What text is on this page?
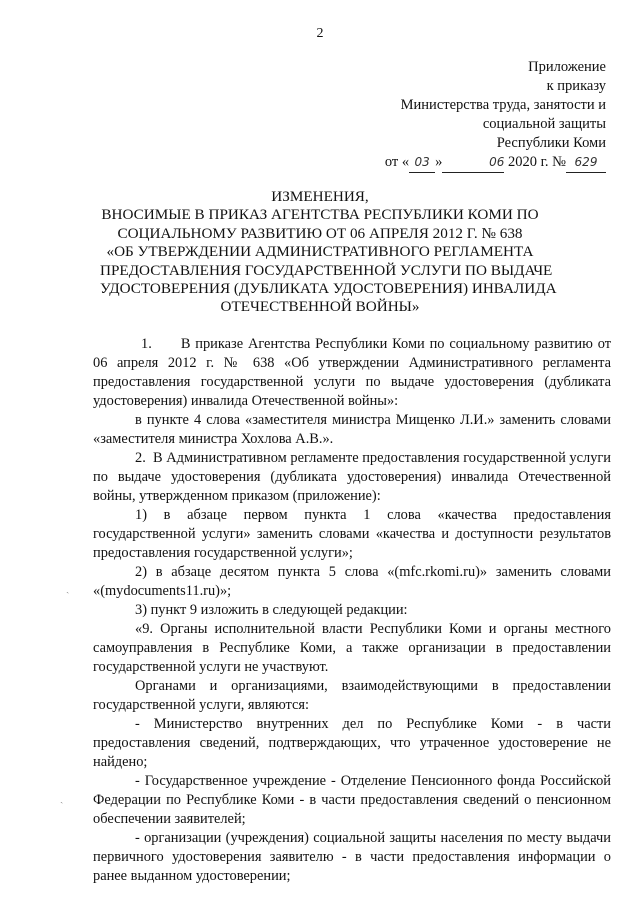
2
Приложение
к приказу
Министерства труда, занятости и
социальной защиты
Республики Коми
от « 03 »	06 2020 г. № 629
ИЗМЕНЕНИЯ,
ВНОСИМЫЕ В ПРИКАЗ АГЕНТСТВА РЕСПУБЛИКИ КОМИ ПО
СОЦИАЛЬНОМУ РАЗВИТИЮ ОТ 06 АПРЕЛЯ 2012 Г. № 638
«ОБ УТВЕРЖДЕНИИ АДМИНИСТРАТИВНОГО РЕГЛАМЕНТА
ПРЕДОСТАВЛЕНИЯ ГОСУДАРСТВЕННОЙ УСЛУГИ ПО ВЫДАЧЕ
УДОСТОВЕРЕНИЯ (ДУБЛИКАТА УДОСТОВЕРЕНИЯ) ИНВАЛИДА
ОТЕЧЕСТВЕННОЙ ВОЙНЫ»

1.      В приказе Агентства Республики Коми по социальному развитию от 06 апреля 2012 г. № 638 «Об утверждении Административного регламента предоставления государственной услуги по выдаче удостоверения (дубликата удостоверения) инвалида Отечественной войны»:

в пункте 4 слова «заместителя министра Мищенко Л.И.» заменить словами «заместителя министра Хохлова А.В.».

2.  В Административном регламенте предоставления государственной услуги по выдаче удостоверения (дубликата удостоверения) инвалида Отечественной войны, утвержденном приказом (приложение):

1) в абзаце первом пункта 1 слова «качества предоставления государственной услуги» заменить словами «качества и доступности результатов предоставления государственной услуги»;

2) в абзаце десятом пункта 5 слова «(mfc.rkomi.ru)» заменить словами «(mydocuments11.ru)»;

3) пункт 9 изложить в следующей редакции:

«9. Органы исполнительной власти Республики Коми и органы местного самоуправления в Республике Коми, а также организации в предоставлении государственной услуги не участвуют.

Органами и организациями, взаимодействующими в предоставлении государственной услуги, являются:

- Министерство внутренних дел по Республике Коми - в части предоставления сведений, подтверждающих, что утраченное удостоверение не найдено;

- Государственное учреждение - Отделение Пенсионного фонда Российской Федерации по Республике Коми - в части предоставления сведений о пенсионном обеспечении заявителей;

- организации (учреждения) социальной защиты населения по месту выдачи первичного удостоверения заявителю - в части предоставления информации о ранее выданном удостоверении;

ˎ
ˏ
